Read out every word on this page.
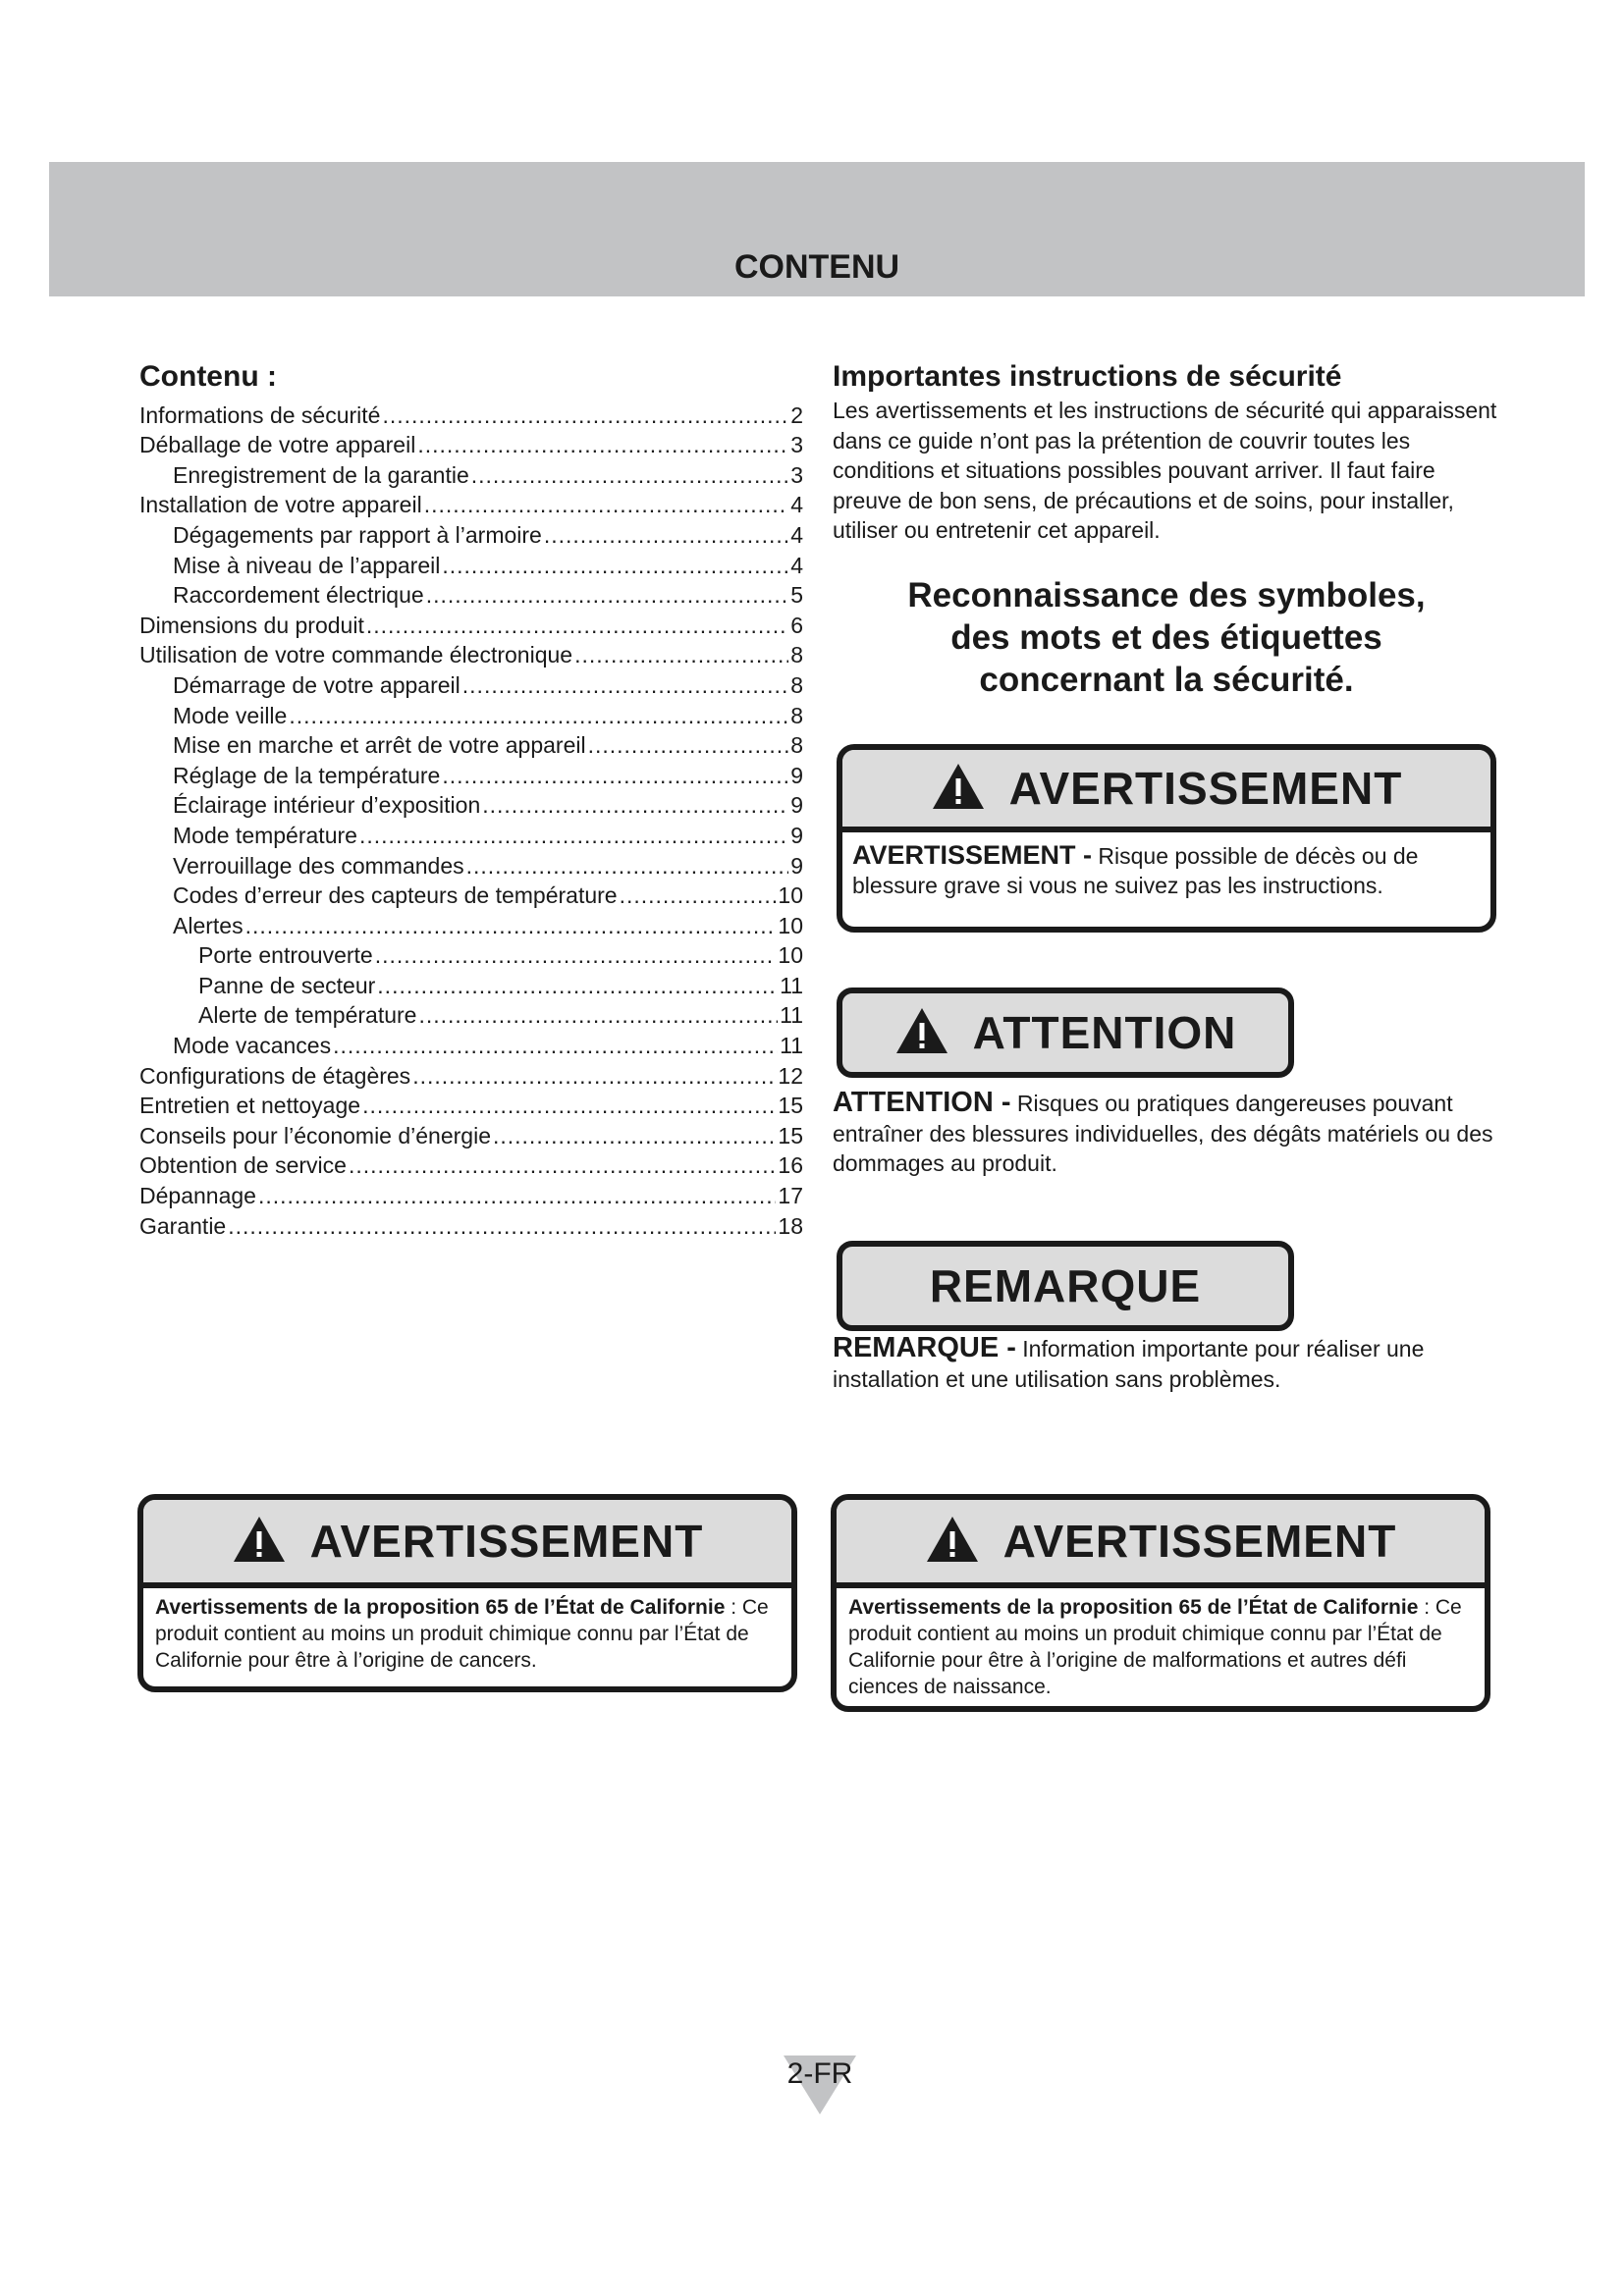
CONTENU
Contenu :
Informations de sécurité .....	2
Déballage de votre appareil .....	3
Enregistrement de la garantie .....	3
Installation de votre appareil .....	4
Dégagements par rapport à l’armoire .....	4
Mise à niveau de l’appareil .....	4
Raccordement électrique .....	5
Dimensions du produit .....	6
Utilisation de votre commande électronique .....	8
Démarrage de votre appareil .....	8
Mode veille .....	8
Mise en marche et arrêt de votre appareil .....	8
Réglage de la température .....	9
Éclairage intérieur d’exposition .....	9
Mode température .....	9
Verrouillage des commandes .....	9
Codes d’erreur des capteurs de température .....	10
Alertes .....	10
Porte entrouverte .....	10
Panne de secteur .....	11
Alerte de température .....	11
Mode vacances .....	11
Configurations de étagères .....	12
Entretien et nettoyage .....	15
Conseils pour l’économie d’énergie .....	15
Obtention de service .....	16
Dépannage .....	17
Garantie .....	18
Importantes instructions de sécurité

Les avertissements et les instructions de sécurité qui apparaissent dans ce guide n’ont pas la prétention de couvrir toutes les conditions et situations possibles pouvant arriver. Il faut faire preuve de bon sens, de précautions et de soins, pour installer, utiliser ou entretenir cet appareil.

Reconnaissance des symboles,
des mots et des étiquettes
concernant la sécurité.
AVERTISSEMENT
AVERTISSEMENT - Risque possible de décès ou de blessure grave si vous ne suivez pas les instructions.
ATTENTION

ATTENTION - Risques ou pratiques dangereuses pouvant entraîner des blessures individuelles, des dégâts matériels ou des dommages au produit.

REMARQUE

REMARQUE - Information importante pour réaliser une installation et une utilisation sans problèmes.

AVERTISSEMENT
Avertissements de la proposition 65 de l’État de Californie : Ce produit contient au moins un produit chimique connu par l’État de Californie pour être à l’origine de cancers.
AVERTISSEMENT
Avertissements de la proposition 65 de l’État de Californie : Ce produit contient au moins un produit chimique connu par l’État de Californie pour être à l’origine de malformations et autres défi ciences de naissance.
2-FR
